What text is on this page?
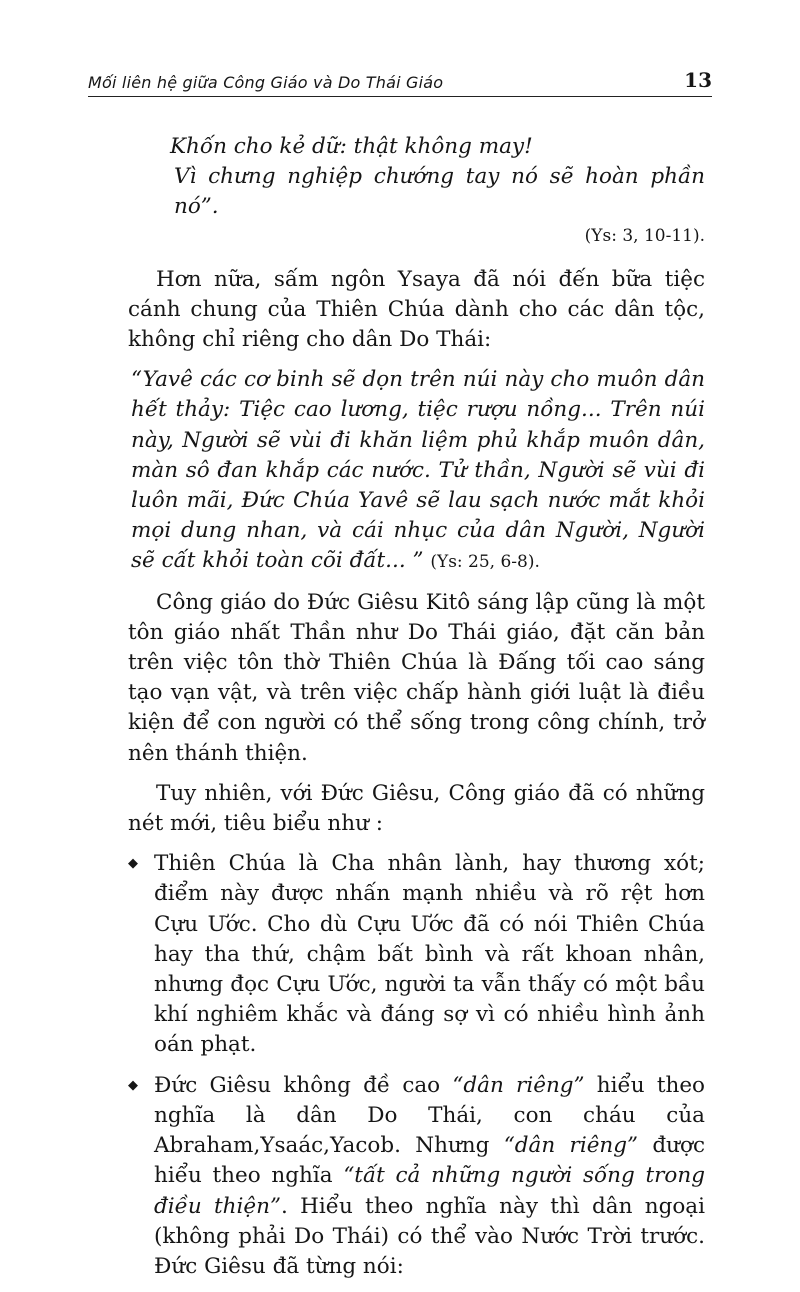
Mối liên hệ giữa Công Giáo và Do Thái Giáo	13

Khốn cho kẻ dữ: thật không may!

Vì chưng nghiệp chướng tay nó sẽ hoàn phần nó”.

(Ys: 3, 10-11).

Hơn nữa, sấm ngôn Ysaya đã nói đến bữa tiệc cánh chung của Thiên Chúa dành cho các dân tộc, không chỉ riêng cho dân Do Thái:

“Yavê các cơ binh sẽ dọn trên núi này cho muôn dân hết thảy: Tiệc cao lương, tiệc rượu nồng... Trên núi này, Người sẽ vùi đi khăn liệm phủ khắp muôn dân, màn sô đan khắp các nước. Tử thần, Người sẽ vùi đi luôn mãi, Đức Chúa Yavê sẽ lau sạch nước mắt khỏi mọi dung nhan, và cái nhục của dân Người, Người sẽ cất khỏi toàn cõi đất... ” (Ys: 25, 6-8).

Công giáo do Đức Giêsu Kitô sáng lập cũng là một tôn giáo nhất Thần như Do Thái giáo, đặt căn bản trên việc tôn thờ Thiên Chúa là Đấng tối cao sáng tạo vạn vật, và trên việc chấp hành giới luật là điều kiện để con người có thể sống trong công chính, trở nên thánh thiện.

Tuy nhiên, với Đức Giêsu, Công giáo đã có những nét mới, tiêu biểu như :

◆ Thiên Chúa là Cha nhân lành, hay thương xót; điểm này được nhấn mạnh nhiều và rõ rệt hơn Cựu Ước. Cho dù Cựu Ước đã có nói Thiên Chúa hay tha thứ, chậm bất bình và rất khoan nhân, nhưng đọc Cựu Ước, người ta vẫn thấy có một bầu khí nghiêm khắc và đáng sợ vì có nhiều hình ảnh oán phạt.
◆ Đức Giêsu không đề cao “dân riêng” hiểu theo nghĩa là dân Do Thái, con cháu của Abraham,Ysaác,Yacob. Nhưng “dân riêng” được hiểu theo nghĩa “tất cả những người sống trong điều thiện”. Hiểu theo nghĩa này thì dân ngoại (không phải Do Thái) có thể vào Nước Trời trước. Đức Giêsu đã từng nói:
